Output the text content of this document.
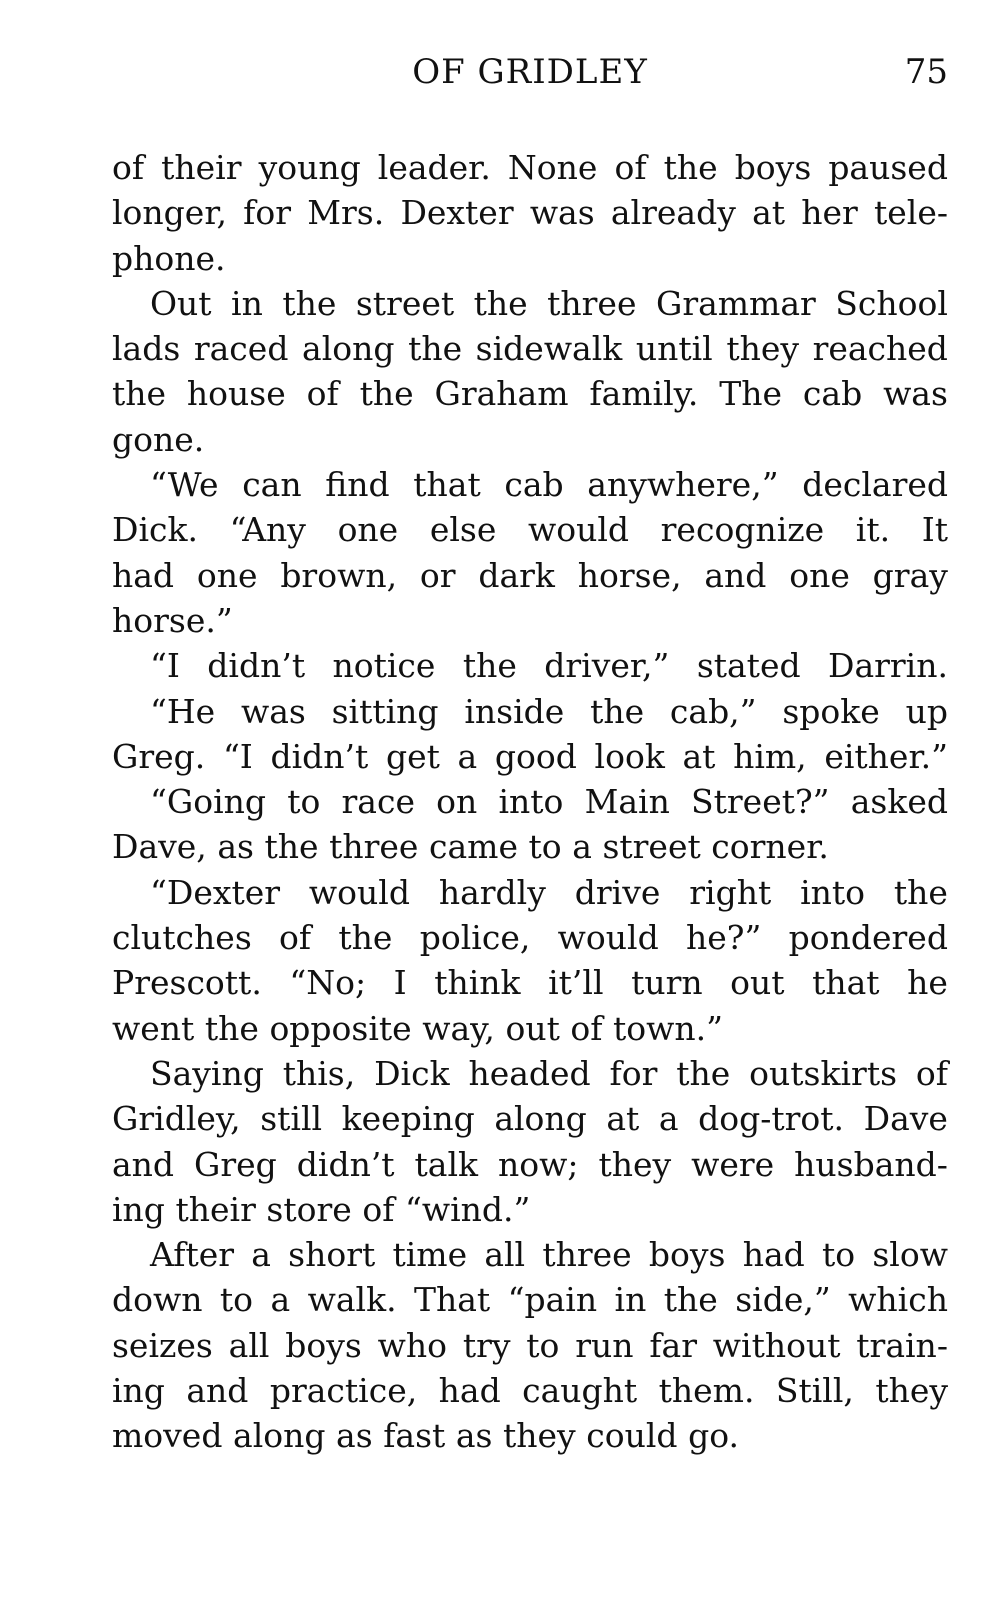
OF GRIDLEY	75
of their young leader. None of the boys paused
longer, for Mrs. Dexter was already at her tele-
phone.
Out in the street the three Grammar School
lads raced along the sidewalk until they reached
the house of the Graham family. The cab was
gone.
“We can find that cab anywhere,” declared
Dick. “Any one else would recognize it. It
had one brown, or dark horse, and one gray
horse.”
“I didn’t notice the driver,” stated Darrin.
“He was sitting inside the cab,” spoke up
Greg. “I didn’t get a good look at him, either.”
“Going to race on into Main Street?” asked
Dave, as the three came to a street corner.
“Dexter would hardly drive right into the
clutches of the police, would he?” pondered
Prescott. “No; I think it’ll turn out that he
went the opposite way, out of town.”
Saying this, Dick headed for the outskirts of
Gridley, still keeping along at a dog-trot. Dave
and Greg didn’t talk now; they were husband-
ing their store of “wind.”
After a short time all three boys had to slow
down to a walk. That “pain in the side,” which
seizes all boys who try to run far without train-
ing and practice, had caught them. Still, they
moved along as fast as they could go.
